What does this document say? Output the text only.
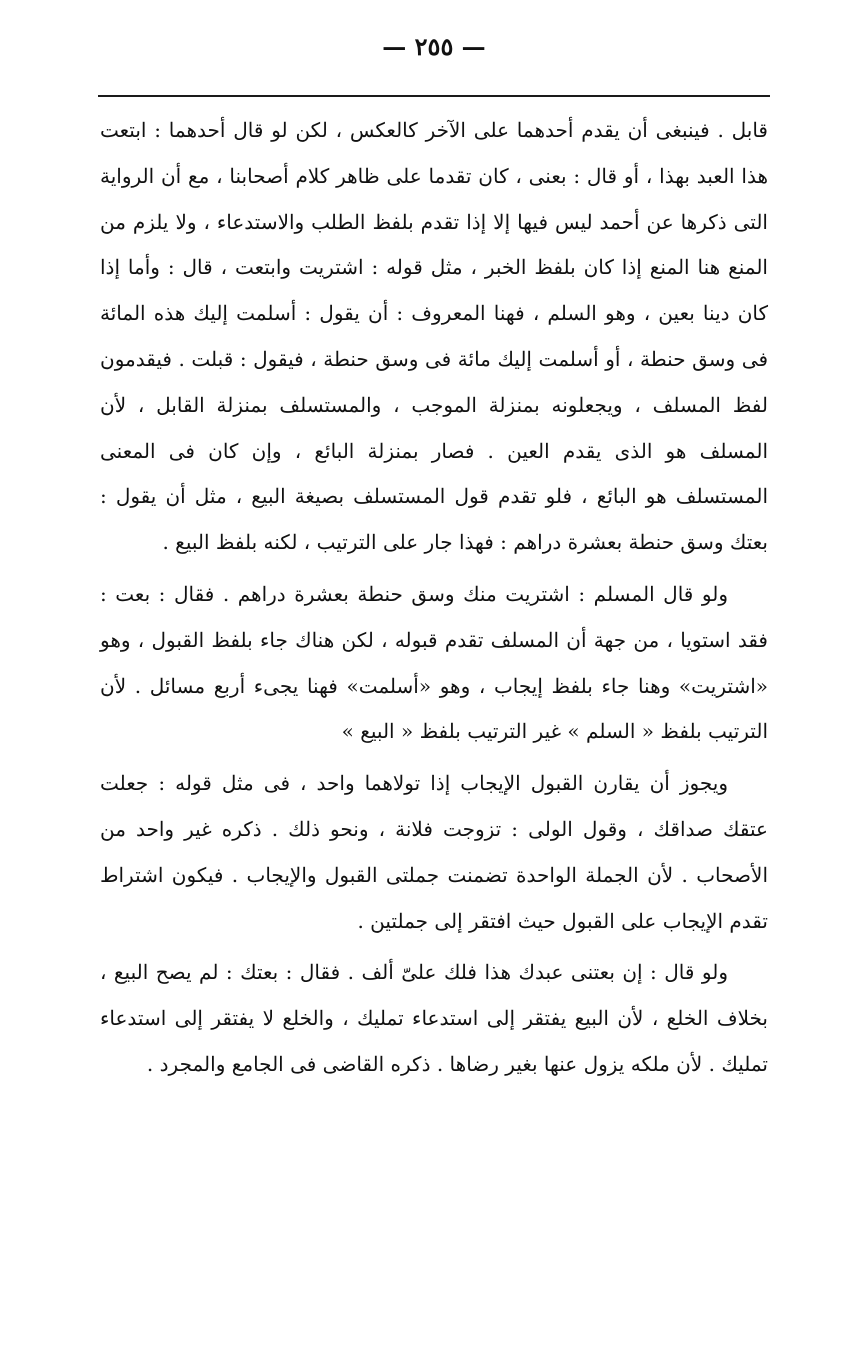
— ٢٥٥ —

قابل . فينبغى أن يقدم أحدهما على الآخر كالعكس ، لكن لو قال أحدهما : ابتعت هذا العبد بهذا ، أو قال : بعنى ، كان تقدما على ظاهر كلام أصحابنا ، مع أن الرواية التى ذكرها عن أحمد ليس فيها إلا إذا تقدم بلفظ الطلب والاستدعاء ، ولا يلزم من المنع هنا المنع إذا كان بلفظ الخبر ، مثل قوله : اشتريت وابتعت ، قال : وأما إذا كان دينا بعين ، وهو السلم ، فهنا المعروف : أن يقول : أسلمت إليك هذه المائة فى وسق حنطة ، أو أسلمت إليك مائة فى وسق حنطة ، فيقول : قبلت . فيقدمون لفظ المسلف ، ويجعلونه بمنزلة الموجب ، والمستسلف بمنزلة القابل ، لأن المسلف هو الذى يقدم العين . فصار بمنزلة البائع ، وإن كان فى المعنى المستسلف هو البائع ، فلو تقدم قول المستسلف بصيغة البيع ، مثل أن يقول : بعتك وسق حنطة بعشرة دراهم : فهذا جار على الترتيب ، لكنه بلفظ البيع .

ولو قال المسلم : اشتريت منك وسق حنطة بعشرة دراهم . فقال : بعت : فقد استويا ، من جهة أن المسلف تقدم قبوله ، لكن هناك جاء بلفظ القبول ، وهو «اشتريت» وهنا جاء بلفظ إيجاب ، وهو «أسلمت» فهنا يجىء أربع مسائل . لأن الترتيب بلفظ « السلم » غير الترتيب بلفظ « البيع »

ويجوز أن يقارن القبول الإيجاب إذا تولاهما واحد ، فى مثل قوله : جعلت عتقك صداقك ، وقول الولى : تزوجت فلانة ، ونحو ذلك . ذكره غير واحد من الأصحاب . لأن الجملة الواحدة تضمنت جملتى القبول والإيجاب . فيكون اشتراط تقدم الإيجاب على القبول حيث افتقر إلى جملتين .

ولو قال : إن بعتنى عبدك هذا فلك علىّ ألف . فقال : بعتك : لم يصح البيع ، بخلاف الخلع ، لأن البيع يفتقر إلى استدعاء تمليك ، والخلع لا يفتقر إلى استدعاء تمليك . لأن ملكه يزول عنها بغير رضاها . ذكره القاضى فى الجامع والمجرد .
